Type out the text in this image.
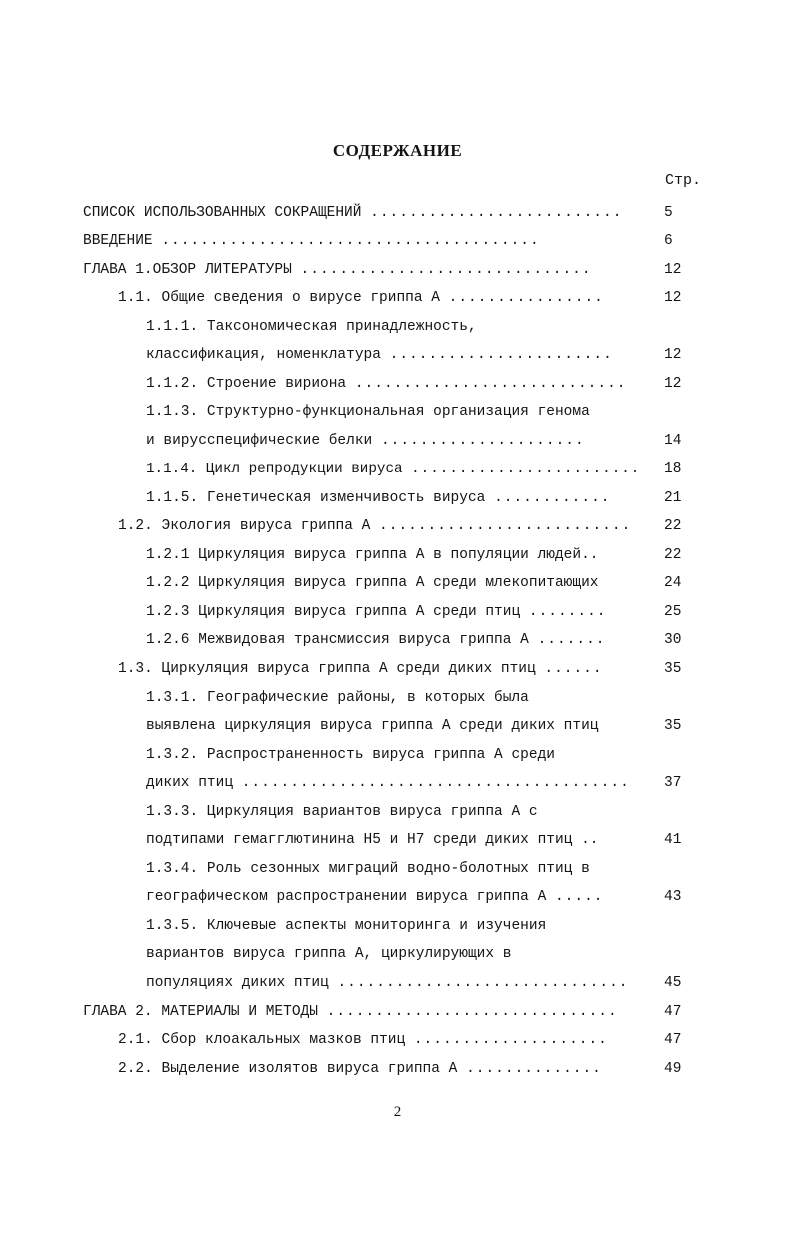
СОДЕРЖАНИЕ
Стр.
СПИСОК ИСПОЛЬЗОВАННЫХ СОКРАЩЕНИЙ ..........................	5
ВВЕДЕНИЕ .......................................	6
ГЛАВА 1.ОБЗОР ЛИТЕРАТУРЫ ..............................	12
1.1. Общие сведения о вирусе гриппа А ................	12
1.1.1. Таксономическая принадлежность,
классификация, номенклатура .......................	12
1.1.2. Строение вириона ............................	12
1.1.3. Структурно-функциональная организация генома
и вирусспецифические белки .....................	14
1.1.4. Цикл репродукции вируса ........................	18
1.1.5. Генетическая изменчивость вируса ............	21
1.2. Экология вируса гриппа А ..........................	22
1.2.1 Циркуляция вируса гриппа А в популяции людей..	22
1.2.2 Циркуляция вируса гриппа А среди млекопитающих	24
1.2.3 Циркуляция вируса гриппа А среди птиц ........	25
1.2.6 Межвидовая трансмиссия вируса гриппа А .......	30
1.3. Циркуляция вируса гриппа А среди диких птиц ......	35
1.3.1. Географические районы, в которых была
выявлена циркуляция вируса гриппа А среди диких птиц	35
1.3.2. Распространенность вируса гриппа А среди
диких птиц ........................................	37
1.3.3. Циркуляция вариантов вируса гриппа А с
подтипами гемагглютинина H5 и H7 среди диких птиц ..	41
1.3.4. Роль сезонных миграций водно-болотных птиц в
географическом распространении вируса гриппа А .....	43
1.3.5. Ключевые аспекты мониторинга и изучения
вариантов вируса гриппа А, циркулирующих в
популяциях диких птиц ..............................	45
ГЛАВА 2. МАТЕРИАЛЫ И МЕТОДЫ ..............................	47
2.1. Сбор клоакальных мазков птиц ....................	47
2.2. Выделение изолятов вируса гриппа А ..............	49
2
